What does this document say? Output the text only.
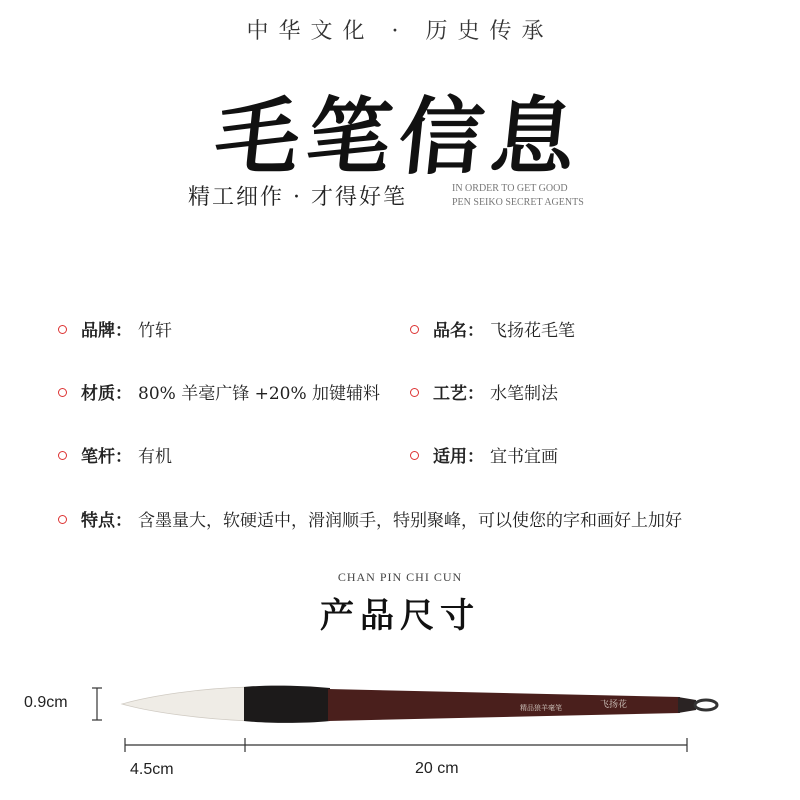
中华文化 · 历史传承
毛笔信息
精工细作 · 才得好笔	IN ORDER TO GET GOOD
PEN SEIKO SECRET AGENTS
品牌： 竹轩	品名： 飞扬花毛笔
材质： 80% 羊毫广锋 +20% 加键辅料	工艺： 水笔制法
笔杆： 有机	适用： 宜书宜画
特点： 含墨量大，软硬适中，滑润顺手，特别聚峰，可以使您的字和画好上加好
CHAN PIN CHI CUN
产品尺寸
飞扬花
精品狼羊毫笔
0.9cm
4.5cm	20 cm
